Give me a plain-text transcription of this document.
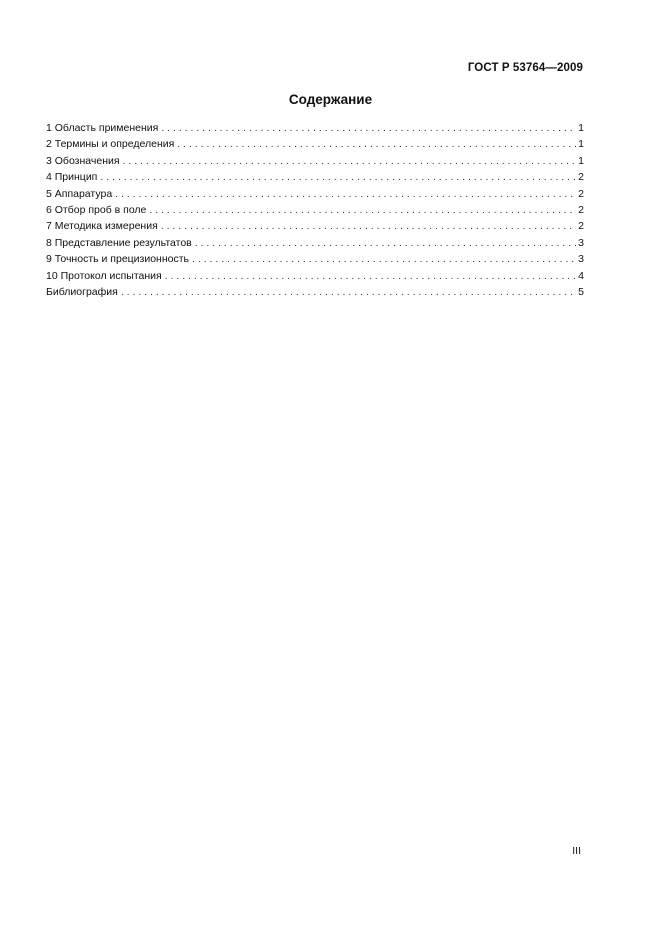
ГОСТ Р 53764—2009
Содержание
1 Область применения . . .	1
2 Термины и определения . . .	1
3 Обозначения . . .	1
4 Принцип . . .	2
5 Аппаратура . . .	2
6 Отбор проб в поле . . .	2
7 Методика измерения . . .	2
8 Представление результатов . . .	3
9 Точность и прецизионность . . .	3
10 Протокол испытания . . .	4
Библиография . . .	5
III
